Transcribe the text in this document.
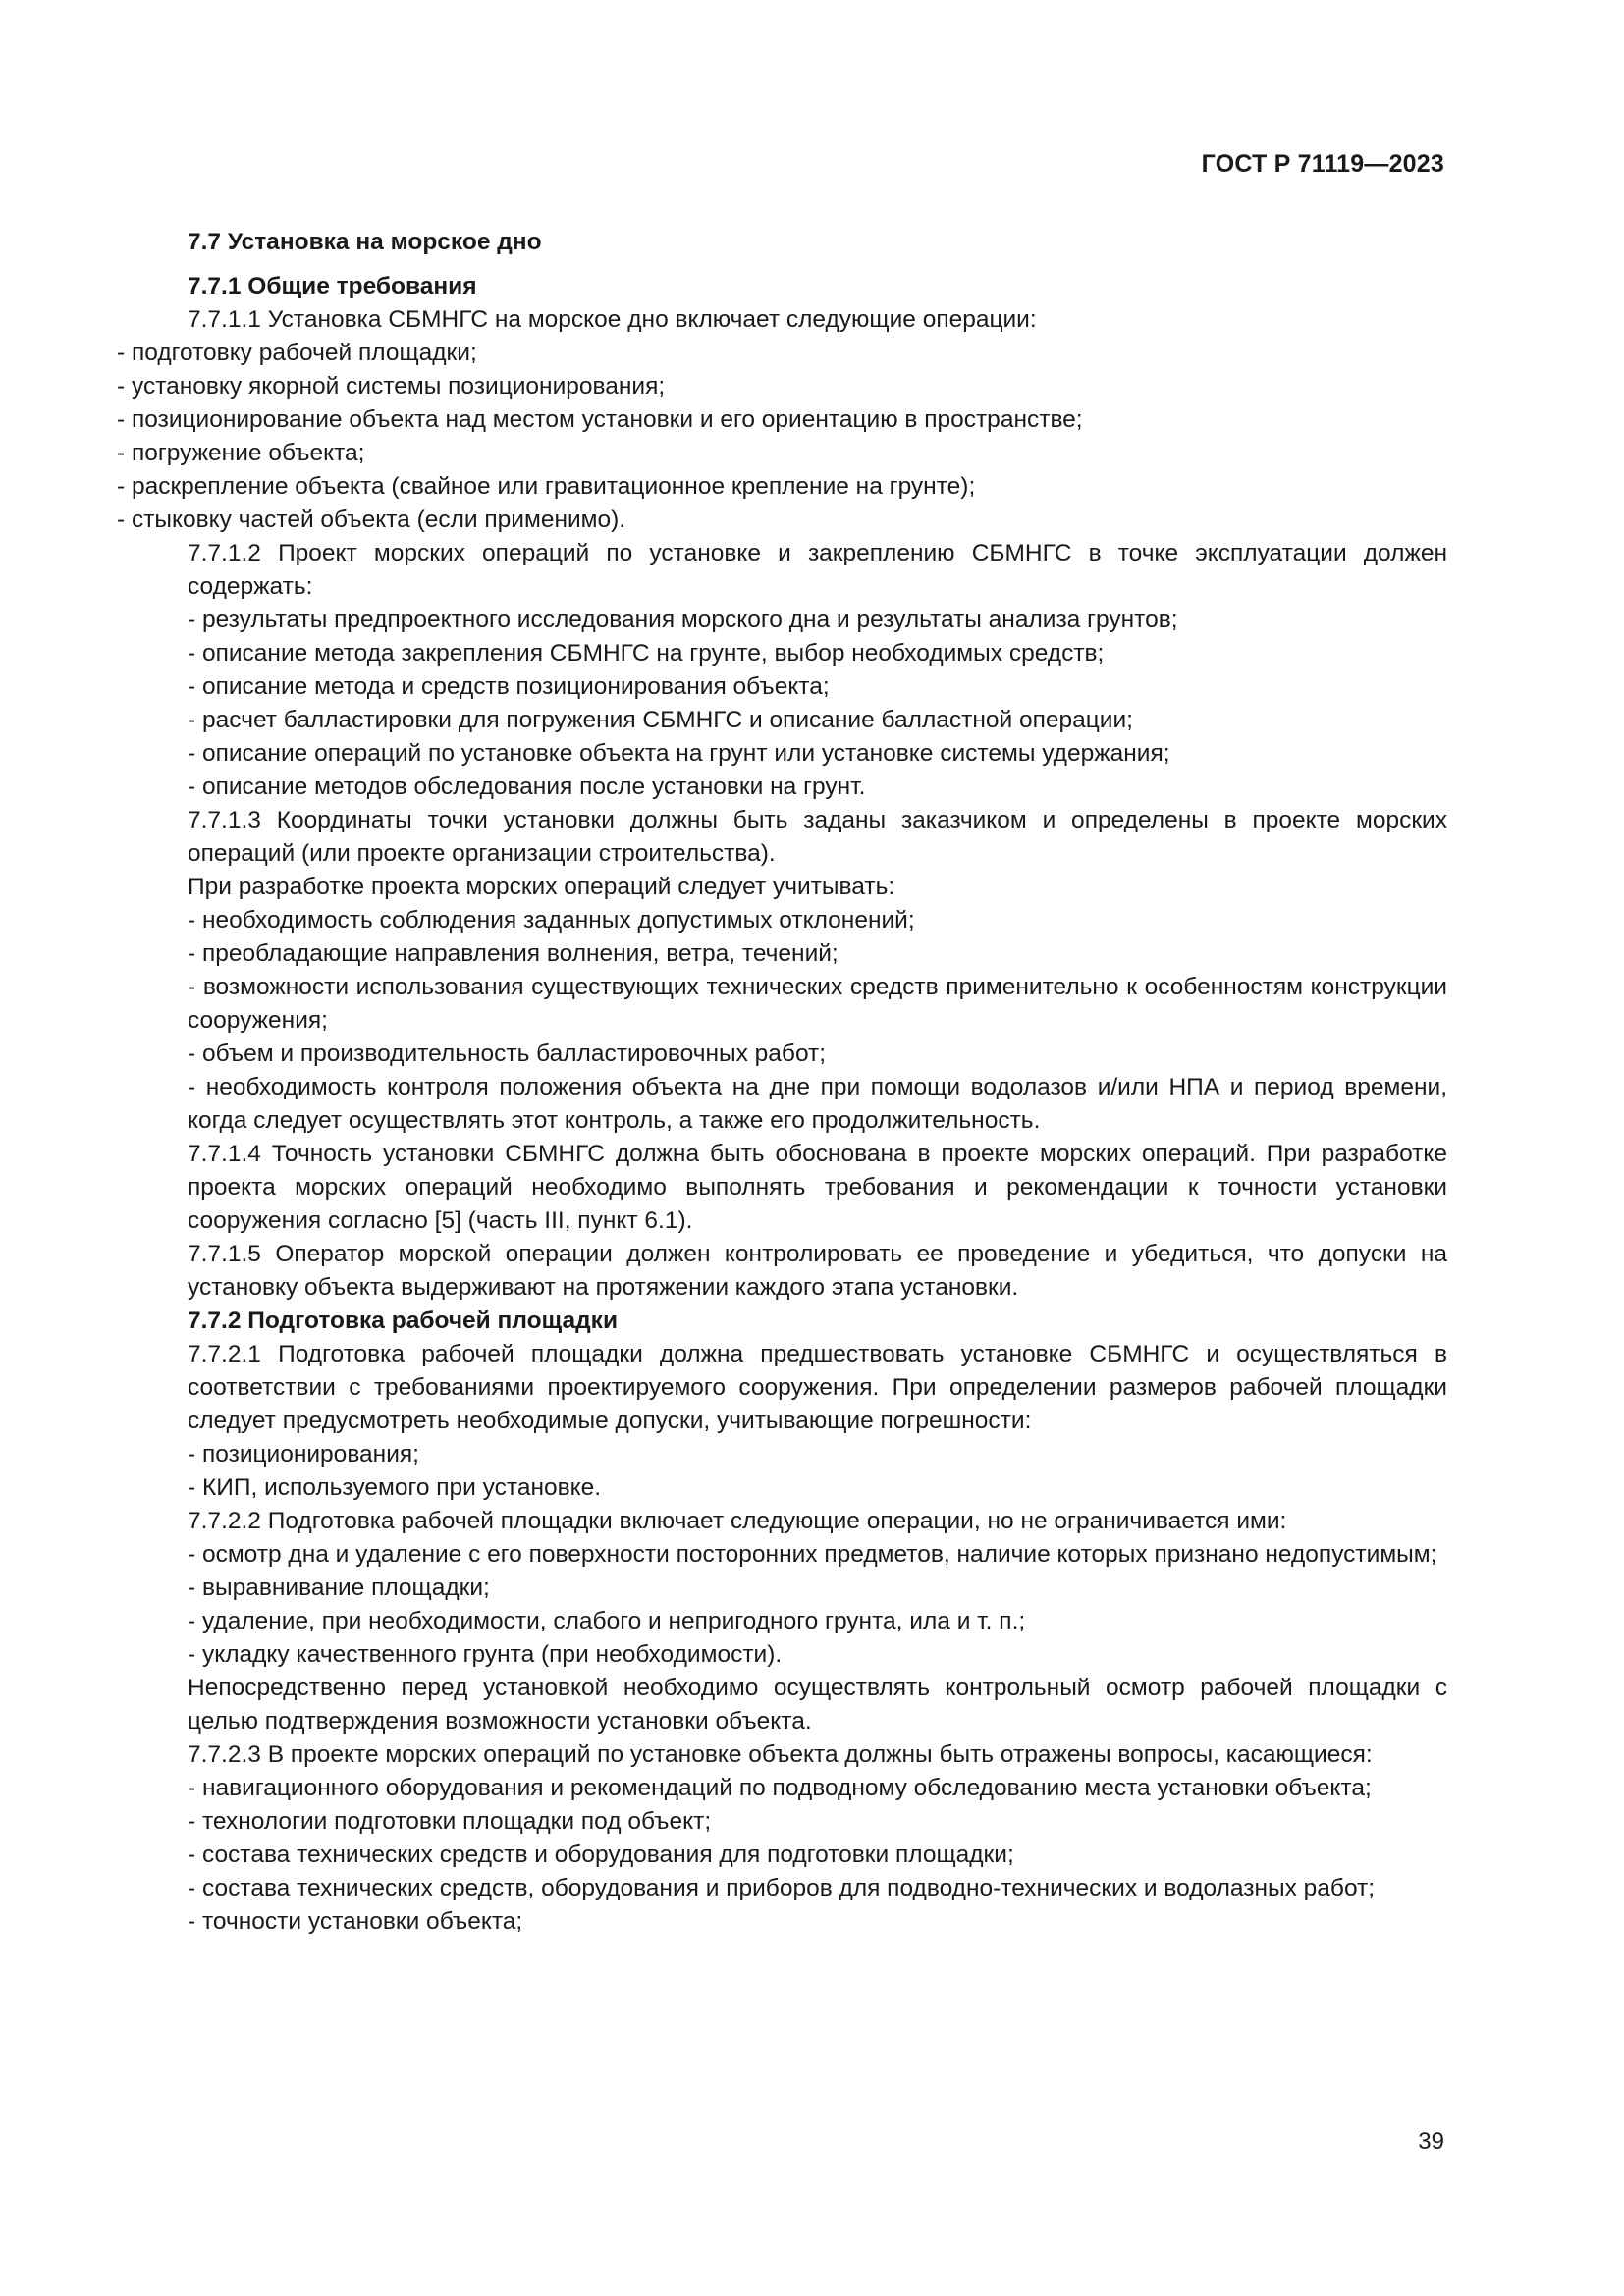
ГОСТ Р 71119—2023

7.7 Установка на морское дно

7.7.1 Общие требования

7.7.1.1 Установка СБМНГС на морское дно включает следующие операции:

- подготовку рабочей площадки;

- установку якорной системы позиционирования;

- позиционирование объекта над местом установки и его ориентацию в пространстве;

- погружение объекта;

- раскрепление объекта (свайное или гравитационное крепление на грунте);

- стыковку частей объекта (если применимо).

7.7.1.2 Проект морских операций по установке и закреплению СБМНГС в точке эксплуатации должен содержать:

- результаты предпроектного исследования морского дна и результаты анализа грунтов;

- описание метода закрепления СБМНГС на грунте, выбор необходимых средств;

- описание метода и средств позиционирования объекта;

- расчет балластировки для погружения СБМНГС и описание балластной операции;

- описание операций по установке объекта на грунт или установке системы удержания;

- описание методов обследования после установки на грунт.

7.7.1.3 Координаты точки установки должны быть заданы заказчиком и определены в проекте морских операций (или проекте организации строительства).

При разработке проекта морских операций следует учитывать:

- необходимость соблюдения заданных допустимых отклонений;

- преобладающие направления волнения, ветра, течений;

- возможности использования существующих технических средств применительно к особенностям конструкции сооружения;

- объем и производительность балластировочных работ;

- необходимость контроля положения объекта на дне при помощи водолазов и/или НПА и период времени, когда следует осуществлять этот контроль, а также его продолжительность.

7.7.1.4 Точность установки СБМНГС должна быть обоснована в проекте морских операций. При разработке проекта морских операций необходимо выполнять требования и рекомендации к точности установки сооружения согласно [5] (часть III, пункт 6.1).

7.7.1.5 Оператор морской операции должен контролировать ее проведение и убедиться, что допуски на установку объекта выдерживают на протяжении каждого этапа установки.

7.7.2 Подготовка рабочей площадки

7.7.2.1 Подготовка рабочей площадки должна предшествовать установке СБМНГС и осуществляться в соответствии с требованиями проектируемого сооружения. При определении размеров рабочей площадки следует предусмотреть необходимые допуски, учитывающие погрешности:

- позиционирования;

- КИП, используемого при установке.

7.7.2.2 Подготовка рабочей площадки включает следующие операции, но не ограничивается ими:

- осмотр дна и удаление с его поверхности посторонних предметов, наличие которых признано недопустимым;

- выравнивание площадки;

- удаление, при необходимости, слабого и непригодного грунта, ила и т. п.;

- укладку качественного грунта (при необходимости).

Непосредственно перед установкой необходимо осуществлять контрольный осмотр рабочей площадки с целью подтверждения возможности установки объекта.

7.7.2.3 В проекте морских операций по установке объекта должны быть отражены вопросы, касающиеся:

- навигационного оборудования и рекомендаций по подводному обследованию места установки объекта;

- технологии подготовки площадки под объект;

- состава технических средств и оборудования для подготовки площадки;

- состава технических средств, оборудования и приборов для подводно-технических и водолазных работ;

- точности установки объекта;

39
